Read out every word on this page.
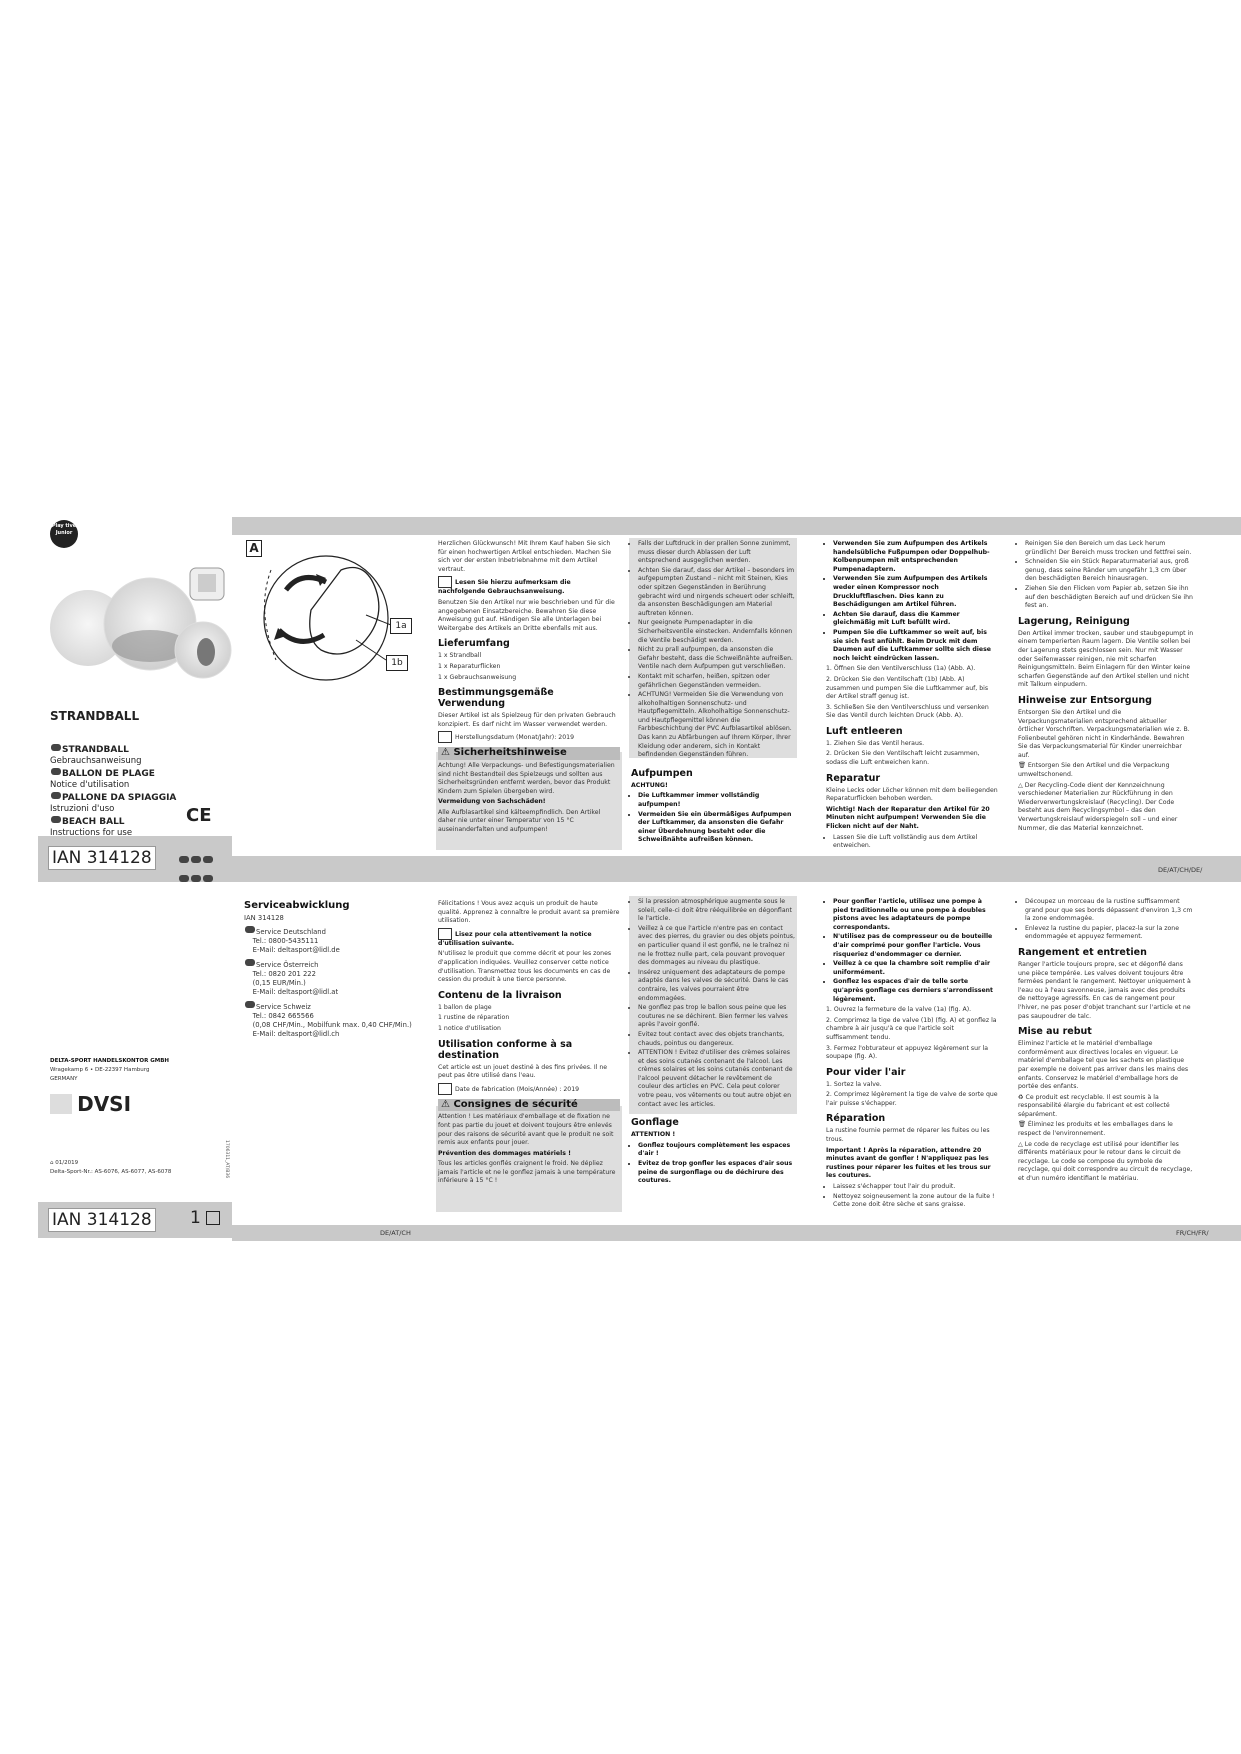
Play tive Junior
STRANDBALL
STRANDBALL
Gebrauchsanweisung
BALLON DE PLAGE
Notice d'utilisation
PALLONE DA SPIAGGIA
Istruzioni d'uso
BEACH BALL
Instructions for use
CE
IAN 314128

A
1a
1b

Herzlichen Glückwunsch! Mit Ihrem Kauf haben Sie sich für einen hochwertigen Artikel entschieden. Machen Sie sich vor der ersten Inbetriebnahme mit dem Artikel vertraut.

Lesen Sie hierzu aufmerksam die nachfolgende Gebrauchsanweisung.

Benutzen Sie den Artikel nur wie beschrieben und für die angegebenen Einsatzbereiche. Bewahren Sie diese Anweisung gut auf. Händigen Sie alle Unterlagen bei Weitergabe des Artikels an Dritte ebenfalls mit aus.

Lieferumfang

1 x Strandball

1 x Reparaturflicken

1 x Gebrauchsanweisung

Bestimmungsgemäße Verwendung

Dieser Artikel ist als Spielzeug für den privaten Gebrauch konzipiert. Es darf nicht im Wasser verwendet werden.

Herstellungsdatum (Monat/Jahr): 2019

⚠ Sicherheitshinweise

Achtung! Alle Verpackungs- und Befestigungsmaterialien sind nicht Bestandteil des Spielzeugs und sollten aus Sicherheitsgründen entfernt werden, bevor das Produkt Kindern zum Spielen übergeben wird.

Vermeidung von Sachschäden!

Alle Aufblasartikel sind kälteempfindlich. Den Artikel daher nie unter einer Temperatur von 15 °C auseinanderfalten und aufpumpen!

• Falls der Luftdruck in der prallen Sonne zunimmt, muss dieser durch Ablassen der Luft entsprechend ausgeglichen werden.
• Achten Sie darauf, dass der Artikel – besonders im aufgepumpten Zustand – nicht mit Steinen, Kies oder spitzen Gegenständen in Berührung gebracht wird und nirgends scheuert oder schleift, da ansonsten Beschädigungen am Material auftreten können.
• Nur geeignete Pumpenadapter in die Sicherheitsventile einstecken. Andernfalls können die Ventile beschädigt werden.
• Nicht zu prall aufpumpen, da ansonsten die Gefahr besteht, dass die Schweißnähte aufreißen. Ventile nach dem Aufpumpen gut verschließen.
• Kontakt mit scharfen, heißen, spitzen oder gefährlichen Gegenständen vermeiden.
• ACHTUNG! Vermeiden Sie die Verwendung von alkoholhaltigen Sonnenschutz- und Hautpflegemitteln. Alkoholhaltige Sonnenschutz- und Hautpflegemittel können die Farbbeschichtung der PVC Aufblasartikel ablösen. Das kann zu Abfärbungen auf Ihrem Körper, Ihrer Kleidung oder anderem, sich in Kontakt befindenden Gegenständen führen.
Aufpumpen

ACHTUNG!

• Die Luftkammer immer vollständig aufpumpen!
• Vermeiden Sie ein übermäßiges Aufpumpen der Luftkammer, da ansonsten die Gefahr einer Überdehnung besteht oder die Schweißnähte aufreißen können.
• Verwenden Sie zum Aufpumpen des Artikels handelsübliche Fußpumpen oder Doppelhub-Kolbenpumpen mit entsprechenden Pumpenadaptern.
• Verwenden Sie zum Aufpumpen des Artikels weder einen Kompressor noch Druckluftflaschen. Dies kann zu Beschädigungen am Artikel führen.
• Achten Sie darauf, dass die Kammer gleichmäßig mit Luft befüllt wird.
• Pumpen Sie die Luftkammer so weit auf, bis sie sich fest anfühlt. Beim Druck mit dem Daumen auf die Luftkammer sollte sich diese noch leicht eindrücken lassen.

1. Öffnen Sie den Ventilverschluss (1a) (Abb. A).

2. Drücken Sie den Ventilschaft (1b) (Abb. A) zusammen und pumpen Sie die Luftkammer auf, bis der Artikel straff genug ist.

3. Schließen Sie den Ventilverschluss und versenken Sie das Ventil durch leichten Druck (Abb. A).

Luft entleeren

1. Ziehen Sie das Ventil heraus.

2. Drücken Sie den Ventilschaft leicht zusammen, sodass die Luft entweichen kann.

Reparatur

Kleine Lecks oder Löcher können mit dem beiliegenden Reparaturflicken behoben werden.

Wichtig! Nach der Reparatur den Artikel für 20 Minuten nicht aufpumpen! Verwenden Sie die Flicken nicht auf der Naht.

• Lassen Sie die Luft vollständig aus dem Artikel entweichen.
• Reinigen Sie den Bereich um das Leck herum gründlich! Der Bereich muss trocken und fettfrei sein.
• Schneiden Sie ein Stück Reparaturmaterial aus, groß genug, dass seine Ränder um ungefähr 1,3 cm über den beschädigten Bereich hinausragen.
• Ziehen Sie den Flicken vom Papier ab, setzen Sie ihn auf den beschädigten Bereich auf und drücken Sie ihn fest an.
Lagerung, Reinigung

Den Artikel immer trocken, sauber und staubgepumpt in einem temperierten Raum lagern. Die Ventile sollen bei der Lagerung stets geschlossen sein. Nur mit Wasser oder Seifenwasser reinigen, nie mit scharfen Reinigungsmitteln. Beim Einlagern für den Winter keine scharfen Gegenstände auf den Artikel stellen und nicht mit Talkum einpudern.

Hinweise zur Entsorgung

Entsorgen Sie den Artikel und die Verpackungsmaterialien entsprechend aktueller örtlicher Vorschriften. Verpackungsmaterialien wie z. B. Folienbeutel gehören nicht in Kinderhände. Bewahren Sie das Verpackungsmaterial für Kinder unerreichbar auf.

🗑 Entsorgen Sie den Artikel und die Verpackung umweltschonend.

△ Der Recycling-Code dient der Kennzeichnung verschiedener Materialien zur Rückführung in den Wiederverwertungskreislauf (Recycling). Der Code besteht aus dem Recyclingsymbol – das den Verwertungskreislauf widerspiegeln soll – und einer Nummer, die das Material kennzeichnet.

DE/AT/CH/DE/
Serviceabwicklung

IAN 314128

Service Deutschland
Tel.: 0800-5435111
E-Mail: deltasport@lidl.de
Service Österreich
Tel.: 0820 201 222
(0,15 EUR/Min.)
E-Mail: deltasport@lidl.at
Service Schweiz
Tel.: 0842 665566
(0,08 CHF/Min., Mobilfunk max. 0,40 CHF/Min.)
E-Mail: deltasport@lidl.ch

DELTA-SPORT HANDELSKONTOR GMBH

Wragekamp 6 • DE-22397 Hamburg

GERMANY

DVSI

⌂ 01/2019

Delta-Sport-Nr.: AS-6076, AS-6077, AS-6078	1706311_AT/B36
IAN 314128 1
DE/AT/CH

Félicitations ! Vous avez acquis un produit de haute qualité. Apprenez à connaître le produit avant sa première utilisation.

Lisez pour cela attentivement la notice d'utilisation suivante.

N'utilisez le produit que comme décrit et pour les zones d'application indiquées. Veuillez conserver cette notice d'utilisation. Transmettez tous les documents en cas de cession du produit à une tierce personne.

Contenu de la livraison

1 ballon de plage

1 rustine de réparation

1 notice d'utilisation

Utilisation conforme à sa destination

Cet article est un jouet destiné à des fins privées. Il ne peut pas être utilisé dans l'eau.

Date de fabrication (Mois/Année) : 2019

⚠ Consignes de sécurité

Attention ! Les matériaux d'emballage et de fixation ne font pas partie du jouet et doivent toujours être enlevés pour des raisons de sécurité avant que le produit ne soit remis aux enfants pour jouer.

Prévention des dommages matériels !

Tous les articles gonflés craignent le froid. Ne dépliez jamais l'article et ne le gonflez jamais à une température inférieure à 15 °C !

• Si la pression atmosphérique augmente sous le soleil, celle-ci doit être rééquilibrée en dégonflant le l'article.
• Veillez à ce que l'article n'entre pas en contact avec des pierres, du gravier ou des objets pointus, en particulier quand il est gonflé, ne le traînez ni ne le frottez nulle part, cela pouvant provoquer des dommages au niveau du plastique.
• Insérez uniquement des adaptateurs de pompe adaptés dans les valves de sécurité. Dans le cas contraire, les valves pourraient être endommagées.
• Ne gonflez pas trop le ballon sous peine que les coutures ne se déchirent. Bien fermer les valves après l'avoir gonflé.
• Evitez tout contact avec des objets tranchants, chauds, pointus ou dangereux.
• ATTENTION ! Evitez d'utiliser des crèmes solaires et des soins cutanés contenant de l'alcool. Les crèmes solaires et les soins cutanés contenant de l'alcool peuvent détacher le revêtement de couleur des articles en PVC. Cela peut colorer votre peau, vos vêtements ou tout autre objet en contact avec les articles.
Gonflage

ATTENTION !

• Gonflez toujours complètement les espaces d'air !
• Evitez de trop gonfler les espaces d'air sous peine de surgonflage ou de déchirure des coutures.
• Pour gonfler l'article, utilisez une pompe à pied traditionnelle ou une pompe à doubles pistons avec les adaptateurs de pompe correspondants.
• N'utilisez pas de compresseur ou de bouteille d'air comprimé pour gonfler l'article. Vous risqueriez d'endommager ce dernier.
• Veillez à ce que la chambre soit remplie d'air uniformément.
• Gonflez les espaces d'air de telle sorte qu'après gonflage ces derniers s'arrondissent légèrement.

1. Ouvrez la fermeture de la valve (1a) (fig. A).

2. Comprimez la tige de valve (1b) (fig. A) et gonflez la chambre à air jusqu'à ce que l'article soit suffisamment tendu.

3. Fermez l'obturateur et appuyez légèrement sur la soupape (fig. A).

Pour vider l'air

1. Sortez la valve.

2. Comprimez légèrement la tige de valve de sorte que l'air puisse s'échapper.

Réparation

La rustine fournie permet de réparer les fuites ou les trous.

Important ! Après la réparation, attendre 20 minutes avant de gonfler ! N'appliquez pas les rustines pour réparer les fuites et les trous sur les coutures.

• Laissez s'échapper tout l'air du produit.
• Nettoyez soigneusement la zone autour de la fuite ! Cette zone doit être sèche et sans graisse.
• Découpez un morceau de la rustine suffisamment grand pour que ses bords dépassent d'environ 1,3 cm la zone endommagée.
• Enlevez la rustine du papier, placez-la sur la zone endommagée et appuyez fermement.
Rangement et entretien

Ranger l'article toujours propre, sec et dégonflé dans une pièce tempérée. Les valves doivent toujours être fermées pendant le rangement. Nettoyer uniquement à l'eau ou à l'eau savonneuse, jamais avec des produits de nettoyage agressifs. En cas de rangement pour l'hiver, ne pas poser d'objet tranchant sur l'article et ne pas saupoudrer de talc.

Mise au rebut

Eliminez l'article et le matériel d'emballage conformément aux directives locales en vigueur. Le matériel d'emballage tel que les sachets en plastique par exemple ne doivent pas arriver dans les mains des enfants. Conservez le matériel d'emballage hors de portée des enfants.

♻ Ce produit est recyclable. Il est soumis à la responsabilité élargie du fabricant et est collecté séparément.

🗑 Éliminez les produits et les emballages dans le respect de l'environnement.

△ Le code de recyclage est utilisé pour identifier les différents matériaux pour le retour dans le circuit de recyclage. Le code se compose du symbole de recyclage, qui doit correspondre au circuit de recyclage, et d'un numéro identifiant le matériau.

FR/CH/FR/
